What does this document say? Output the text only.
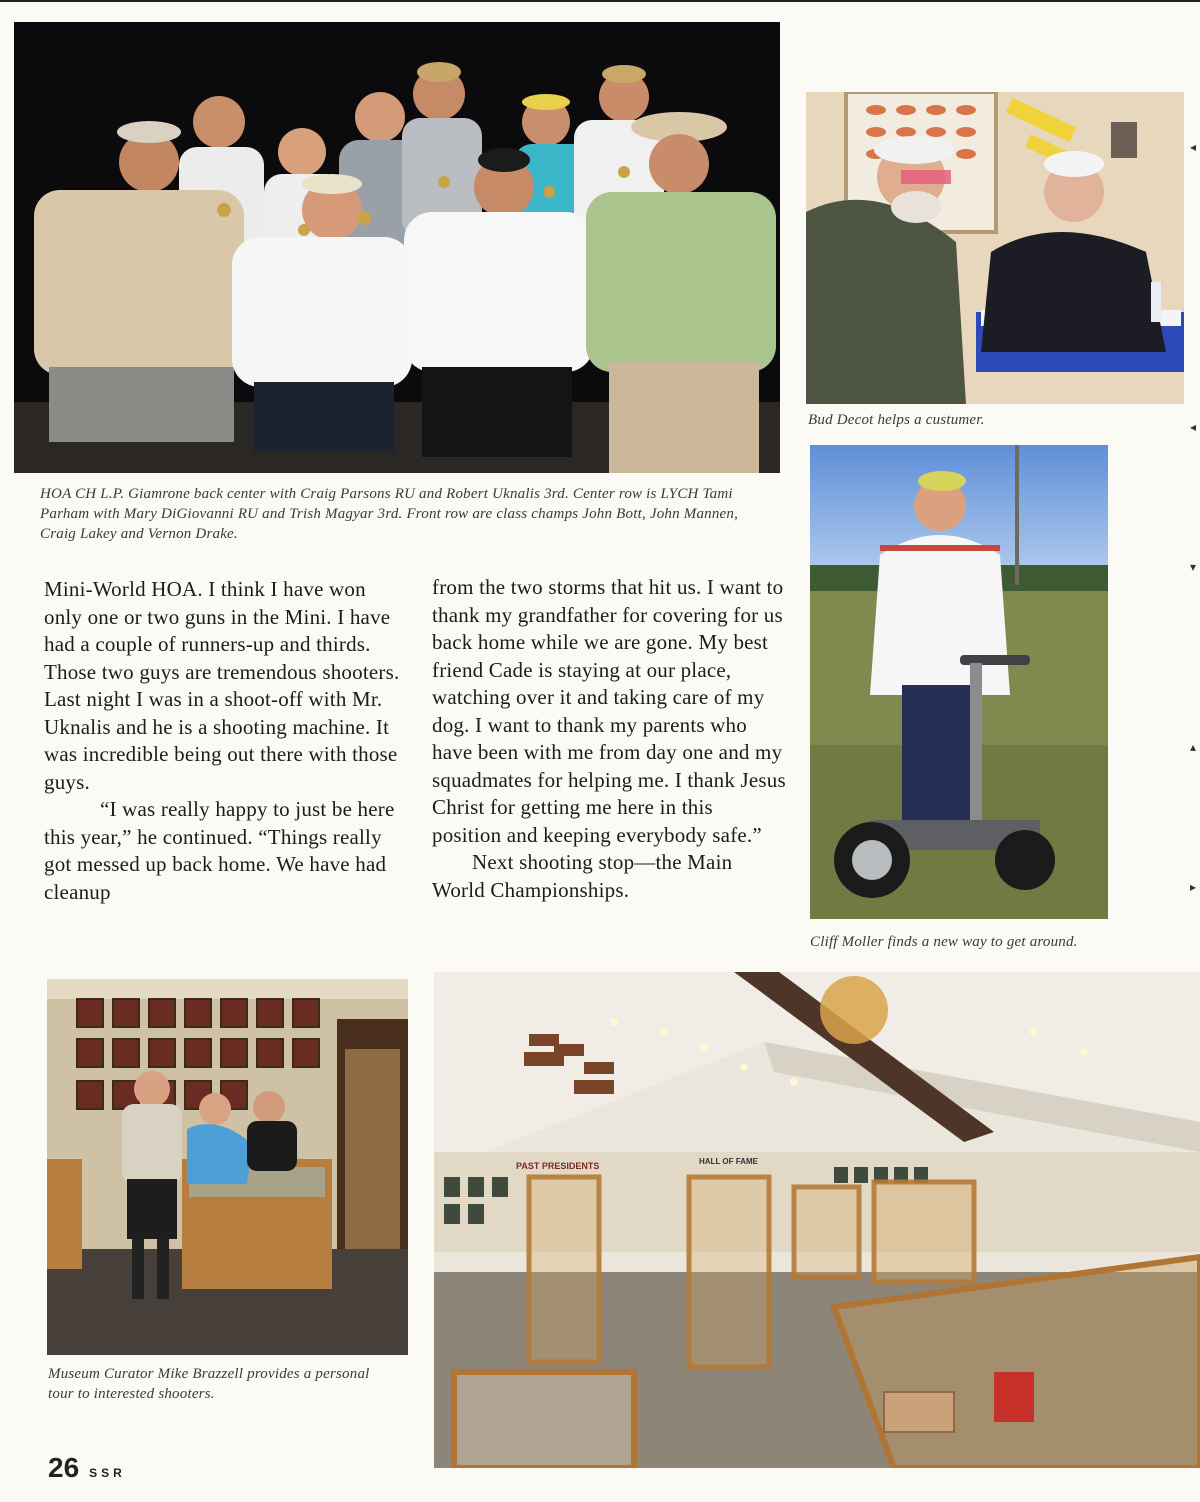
Bud Decot helps a custumer.
HOA CH L.P. Giamrone back center with Craig Parsons RU and Robert Uknalis 3rd. Center row is LYCH Tami Parham with Mary DiGiovanni RU and Trish Magyar 3rd. Front row are class champs John Bott, John Mannen, Craig Lakey and Vernon Drake.
Cliff Moller finds a new way to get around.

Mini-World HOA. I think I have won only one or two guns in the Mini. I have had a couple of runners-up and thirds. Those two guys are tremendous shooters. Last night I was in a shoot-off with Mr. Uknalis and he is a shooting machine. It was incredible being out there with those guys.

“I was really happy to just be here this year,” he continued. “Things really got messed up back home. We have had cleanup

from the two storms that hit us. I want to thank my grandfather for covering for us back home while we are gone. My best friend Cade is staying at our place, watching over it and taking care of my dog. I want to thank my parents who have been with me from day one and my squadmates for helping me. I thank Jesus Christ for getting me here in this position and keeping everybody safe.”

Next shooting stop—the Main World Championships.

Museum Curator Mike Brazzell provides a personal tour to interested shooters.
PAST PRESIDENTS	HALL OF FAME
◂
◂
▾
▴
▸
26 SSR
